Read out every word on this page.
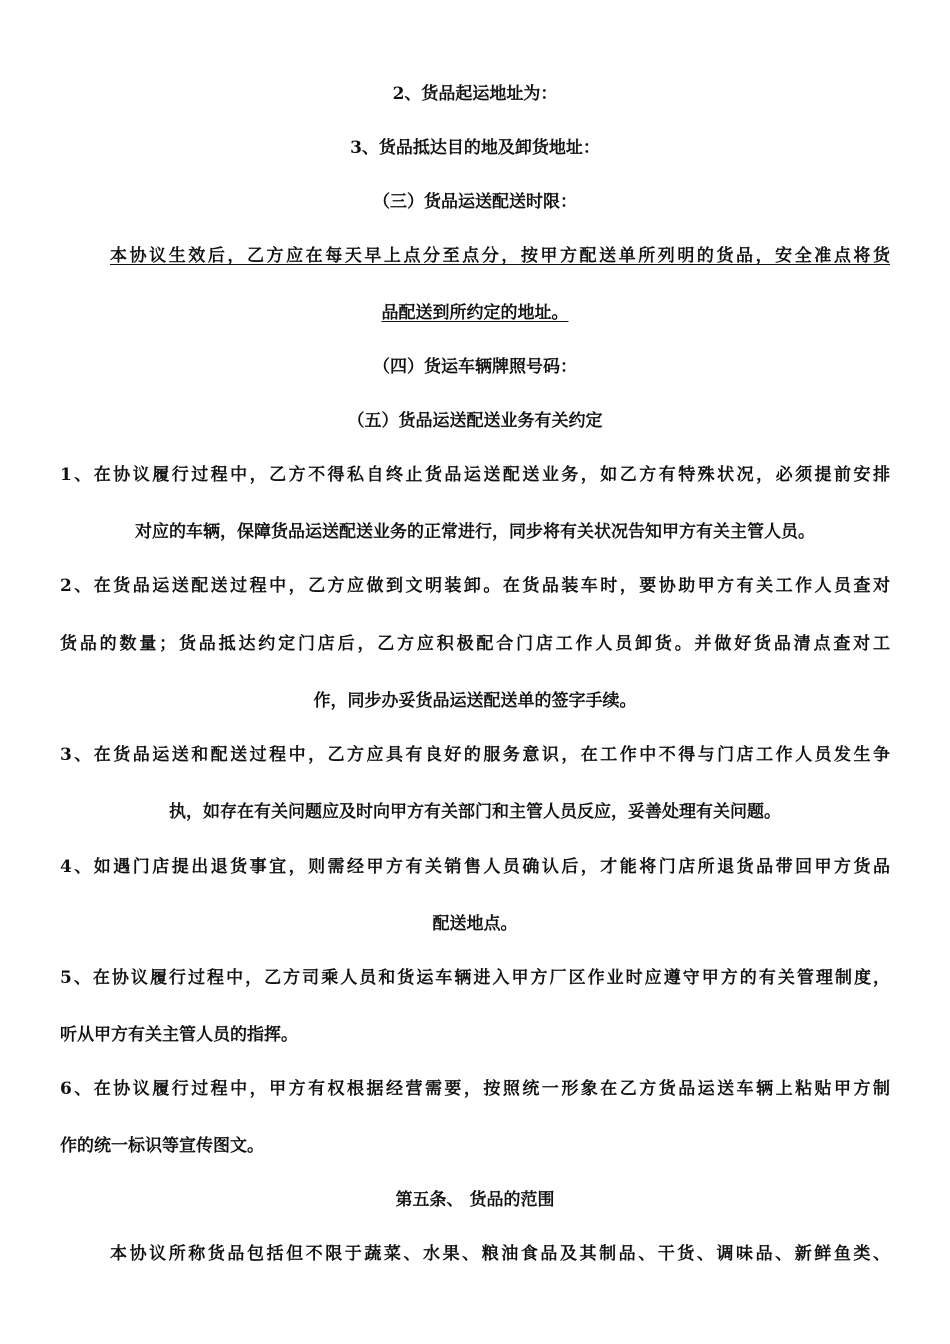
2、货品起运地址为：
3、货品抵达目的地及卸货地址：
（三）货品运送配送时限：
本协议生效后，乙方应在每天早上点分至点分，按甲方配送单所列明的货品，安全准点将货
品配送到所约定的地址。
（四）货运车辆牌照号码：
（五）货品运送配送业务有关约定
1、在协议履行过程中，乙方不得私自终止货品运送配送业务，如乙方有特殊状况，必须提前安排
对应的车辆，保障货品运送配送业务的正常进行，同步将有关状况告知甲方有关主管人员。
2、在货品运送配送过程中，乙方应做到文明装卸。在货品装车时，要协助甲方有关工作人员查对
货品的数量；货品抵达约定门店后，乙方应积极配合门店工作人员卸货。并做好货品清点查对工
作，同步办妥货品运送配送单的签字手续。
3、在货品运送和配送过程中，乙方应具有良好的服务意识，在工作中不得与门店工作人员发生争
执，如存在有关问题应及时向甲方有关部门和主管人员反应，妥善处理有关问题。
4、如遇门店提出退货事宜，则需经甲方有关销售人员确认后，才能将门店所退货品带回甲方货品
配送地点。
5、在协议履行过程中，乙方司乘人员和货运车辆进入甲方厂区作业时应遵守甲方的有关管理制度，
听从甲方有关主管人员的指挥。
6、在协议履行过程中，甲方有权根据经营需要，按照统一形象在乙方货品运送车辆上粘贴甲方制
作的统一标识等宣传图文。
第五条、 货品的范围
本协议所称货品包括但不限于蔬菜、水果、粮油食品及其制品、干货、调味品、新鲜鱼类、
